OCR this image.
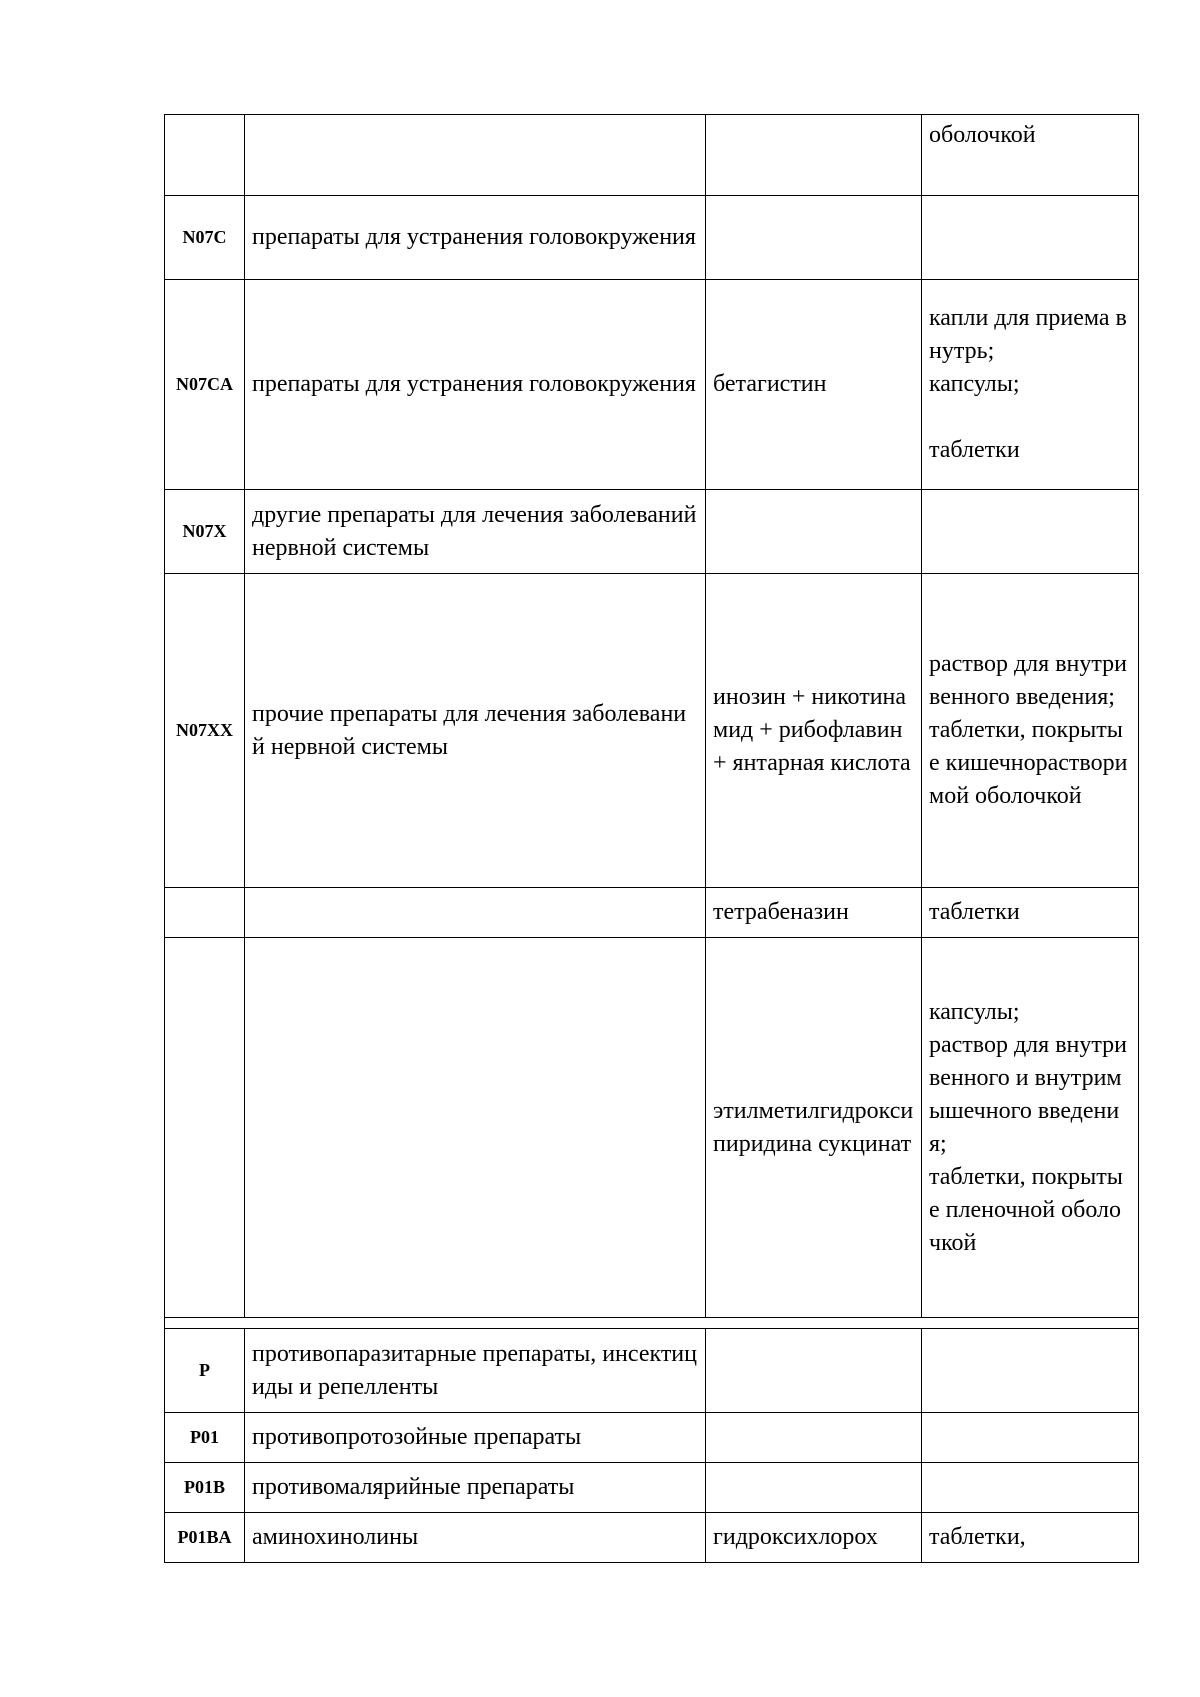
			оболочкой
N07C	препараты для устранения головокружения		
N07CA	препараты для устранения головокружения	бетагистин	капли для приема внутрь;
капсулы;

таблетки
N07X	другие препараты для лечения заболеваний нервной системы		
N07XX	прочие препараты для лечения заболеваний нервной системы	инозин + никотинамид + рибофлавин + янтарная кислота	раствор для внутривенного введения;
таблетки, покрытые кишечнорастворимой оболочкой
		тетрабеназин	таблетки
		этилметилгидроксипиридина сукцинат	капсулы;
раствор для внутривенного и внутримышечного введения;
таблетки, покрытые пленочной оболочкой

P	противопаразитарные препараты, инсектициды и репелленты		
P01	противопротозойные препараты		
P01B	противомалярийные препараты		
P01BA	аминохинолины	гидроксихлорох	таблетки,
